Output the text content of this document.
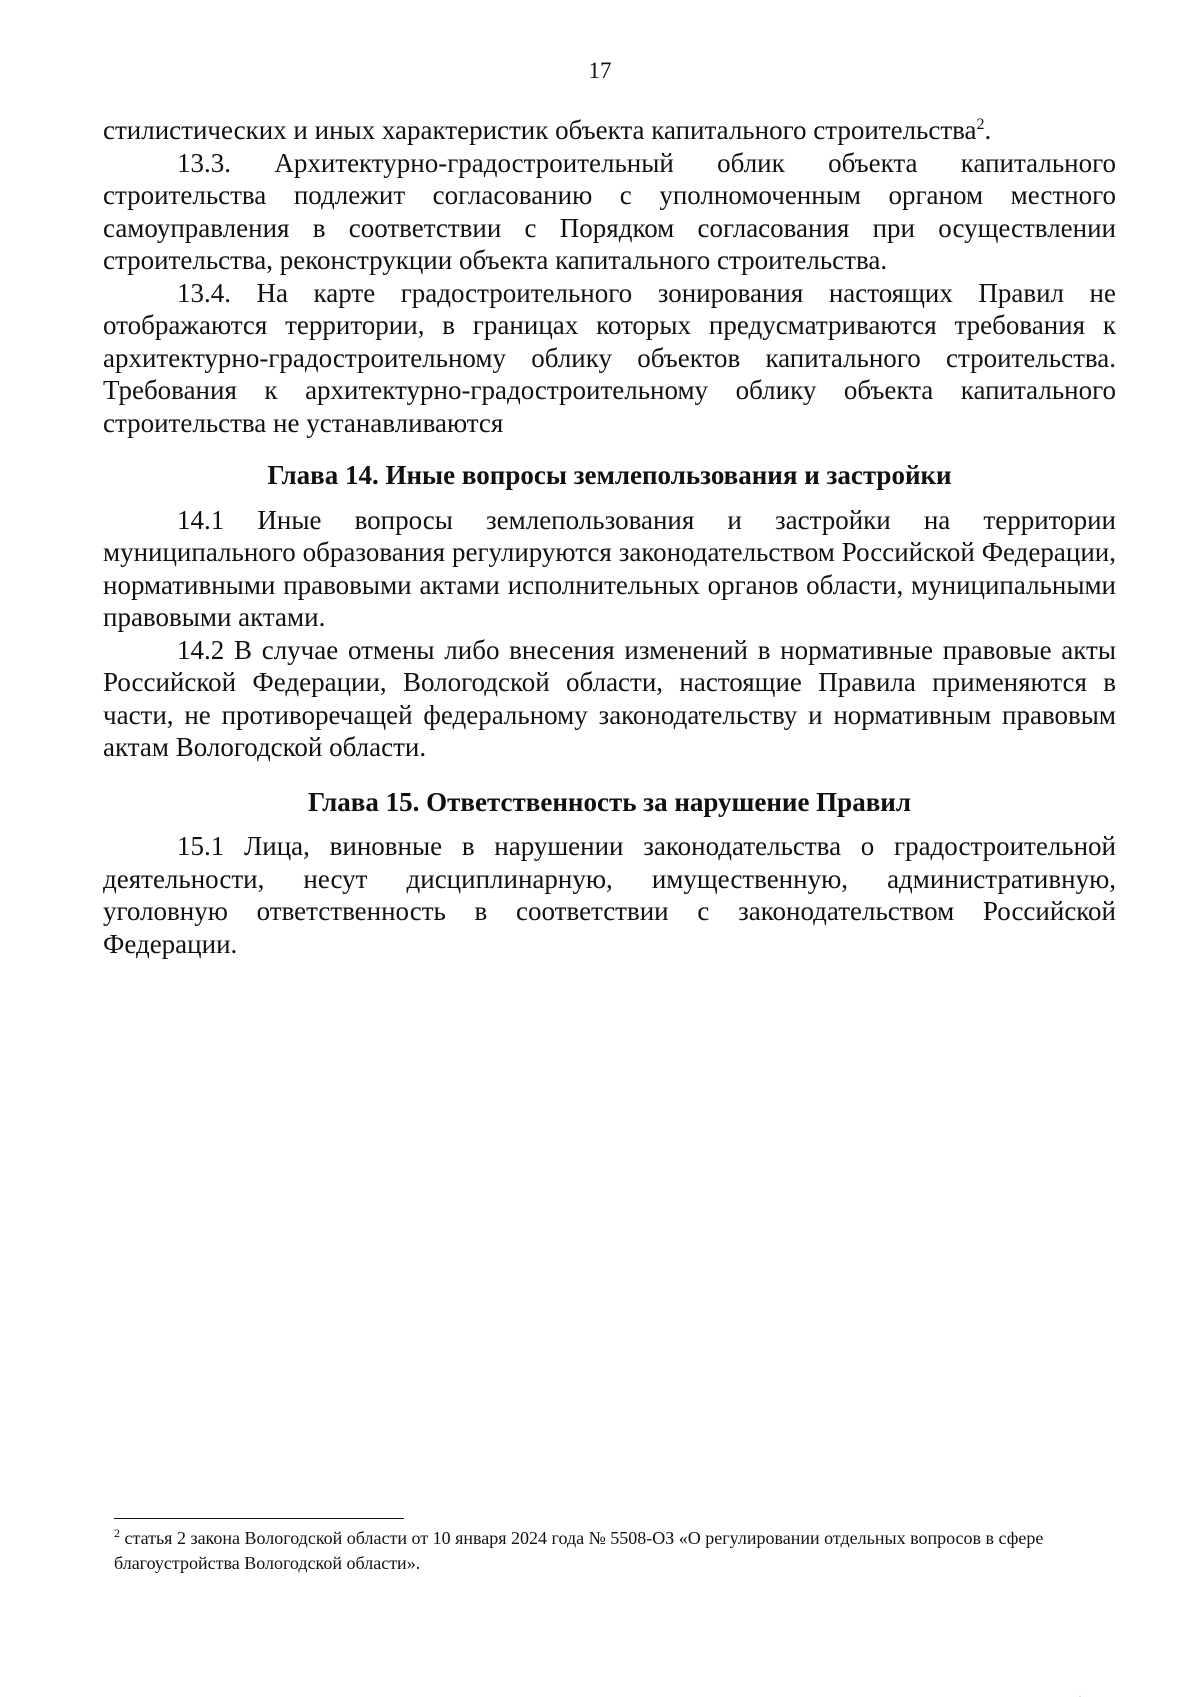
17

стилистических и иных характеристик объекта капитального строительства$^2$.

13.3. Архитектурно-градостроительный облик объекта капитального строительства подлежит согласованию с уполномоченным органом местного самоуправления в соответствии с Порядком согласования при осуществлении строительства, реконструкции объекта капитального строительства.

13.4. На карте градостроительного зонирования настоящих Правил не отображаются территории, в границах которых предусматриваются требования к архитектурно-градостроительному облику объектов капитального строительства. Требования к архитектурно-градостроительному облику объекта капитального строительства не устанавливаются

Глава 14. Иные вопросы землепользования и застройки

14.1 Иные вопросы землепользования и застройки на территории муниципального образования регулируются законодательством Российской Федерации, нормативными правовыми актами исполнительных органов области, муниципальными правовыми актами.

14.2 В случае отмены либо внесения изменений в нормативные правовые акты Российской Федерации, Вологодской области, настоящие Правила применяются в части, не противоречащей федеральному законодательству и нормативным правовым актам Вологодской области.

Глава 15. Ответственность за нарушение Правил

15.1 Лица, виновные в нарушении законодательства о градостроительной деятельности, несут дисциплинарную, имущественную, административную, уголовную ответственность в соответствии с законодательством Российской Федерации.

$^2$ статья 2 закона Вологодской области от 10 января 2024 года № 5508-ОЗ «О регулировании отдельных вопросов в сфере благоустройства Вологодской области».
ׅ
